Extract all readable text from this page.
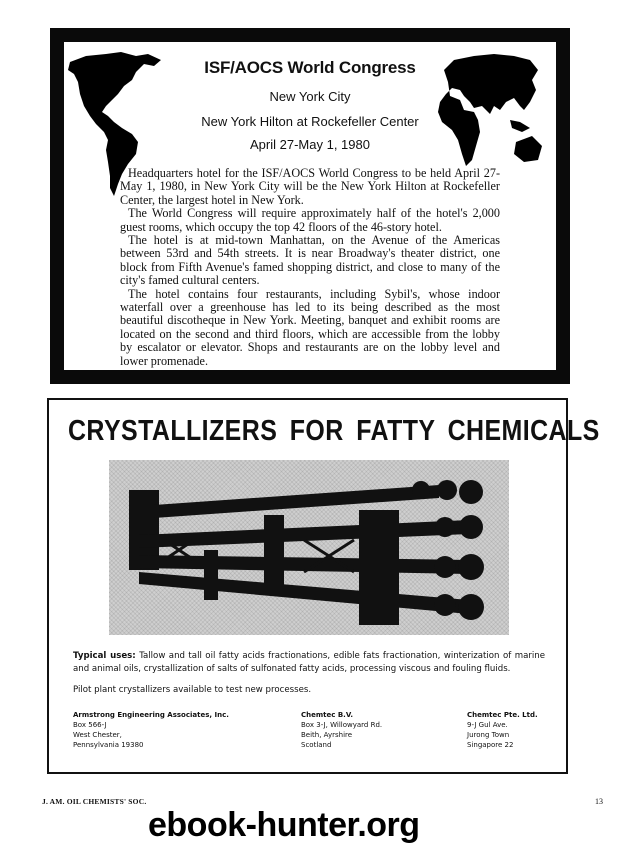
ISF/AOCS World Congress
New York City
New York Hilton at Rockefeller Center
April 27-May 1, 1980

Headquarters hotel for the ISF/AOCS World Congress to be held April 27-May 1, 1980, in New York City will be the New York Hilton at Rockefeller Center, the largest hotel in New York.

The World Congress will require approximately half of the hotel's 2,000 guest rooms, which occupy the top 42 floors of the 46-story hotel.

The hotel is at mid-town Manhattan, on the Avenue of the Americas between 53rd and 54th streets. It is near Broadway's theater district, one block from Fifth Avenue's famed shopping district, and close to many of the city's famed cultural centers.

The hotel contains four restaurants, including Sybil's, whose indoor waterfall over a greenhouse has led to its being described as the most beautiful discotheque in New York. Meeting, banquet and exhibit rooms are located on the second and third floors, which are accessible from the lobby by escalator or elevator. Shops and restaurants are on the lobby level and lower promenade.

CRYSTALLIZERS FOR FATTY CHEMICALS
Typical uses: Tallow and tall oil fatty acids fractionations, edible fats fractionation, winterization of marine and animal oils, crystallization of salts of sulfonated fatty acids, processing viscous and fouling fluids.
Pilot plant crystallizers available to test new processes.
Armstrong Engineering Associates, Inc.
Box 566-J
West Chester,
Pennsylvania 19380
Chemtec B.V.
Box 3-J, Willowyard Rd.
Beith, Ayrshire
Scotland
Chemtec Pte. Ltd.
9-J Gul Ave.
Jurong Town
Singapore 22
J. AM. OIL CHEMISTS' SOC.	13
ebook-hunter.org
